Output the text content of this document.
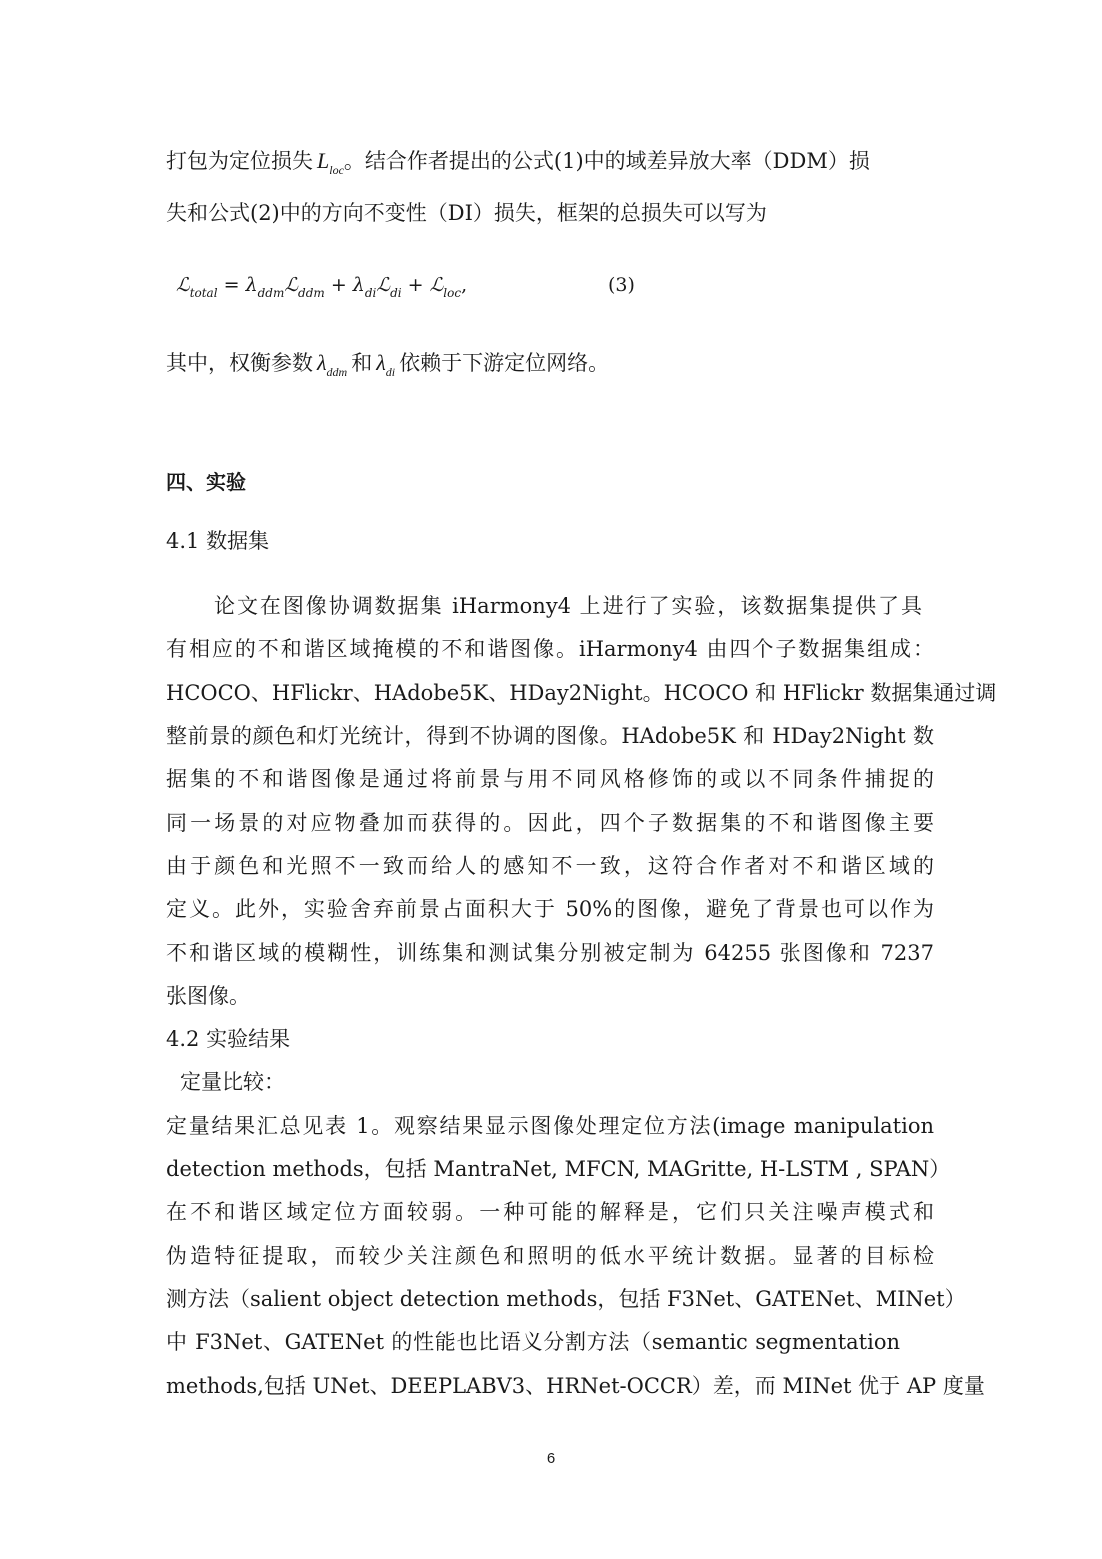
打包为定位损失 $L_{loc}$。结合作者提出的公式(1)中的域差异放大率（DDM）损
失和公式(2)中的方向不变性（DI）损失，框架的总损失可以写为
ℒ$_{total}$ = $\lambda_{ddm}ℒ_{ddm}$ + $\lambda_{di}ℒ_{di}$ + ℒ$_{loc}$,	(3)
其中，权衡参数 $\lambda_{ddm}$ 和 $\lambda_{di}$ 依赖于下游定位网络。
四、实验
4.1 数据集
论文在图像协调数据集 iHarmony4 上进行了实验，该数据集提供了具
有相应的不和谐区域掩模的不和谐图像。iHarmony4 由四个子数据集组成：
HCOCO、HFlickr、HAdobe5K、HDay2Night。HCOCO 和 HFlickr 数据集通过调
整前景的颜色和灯光统计，得到不协调的图像。HAdobe5K 和 HDay2Night 数
据集的不和谐图像是通过将前景与用不同风格修饰的或以不同条件捕捉的
同一场景的对应物叠加而获得的。因此，四个子数据集的不和谐图像主要
由于颜色和光照不一致而给人的感知不一致，这符合作者对不和谐区域的
定义。此外，实验舍弃前景占面积大于 50%的图像，避免了背景也可以作为
不和谐区域的模糊性，训练集和测试集分别被定制为 64255 张图像和 7237
张图像。
4.2 实验结果
定量比较：
定量结果汇总见表 1。观察结果显示图像处理定位方法(image manipulation
detection methods，包括 MantraNet, MFCN, MAGritte, H-LSTM , SPAN）
在不和谐区域定位方面较弱。一种可能的解释是，它们只关注噪声模式和
伪造特征提取，而较少关注颜色和照明的低水平统计数据。显著的目标检
测方法（salient object detection methods，包括 F3Net、GATENet、MINet）
中 F3Net、GATENet 的性能也比语义分割方法（semantic segmentation
methods,包括 UNet、DEEPLABV3、HRNet-OCCR）差，而 MINet 优于 AP 度量
6
